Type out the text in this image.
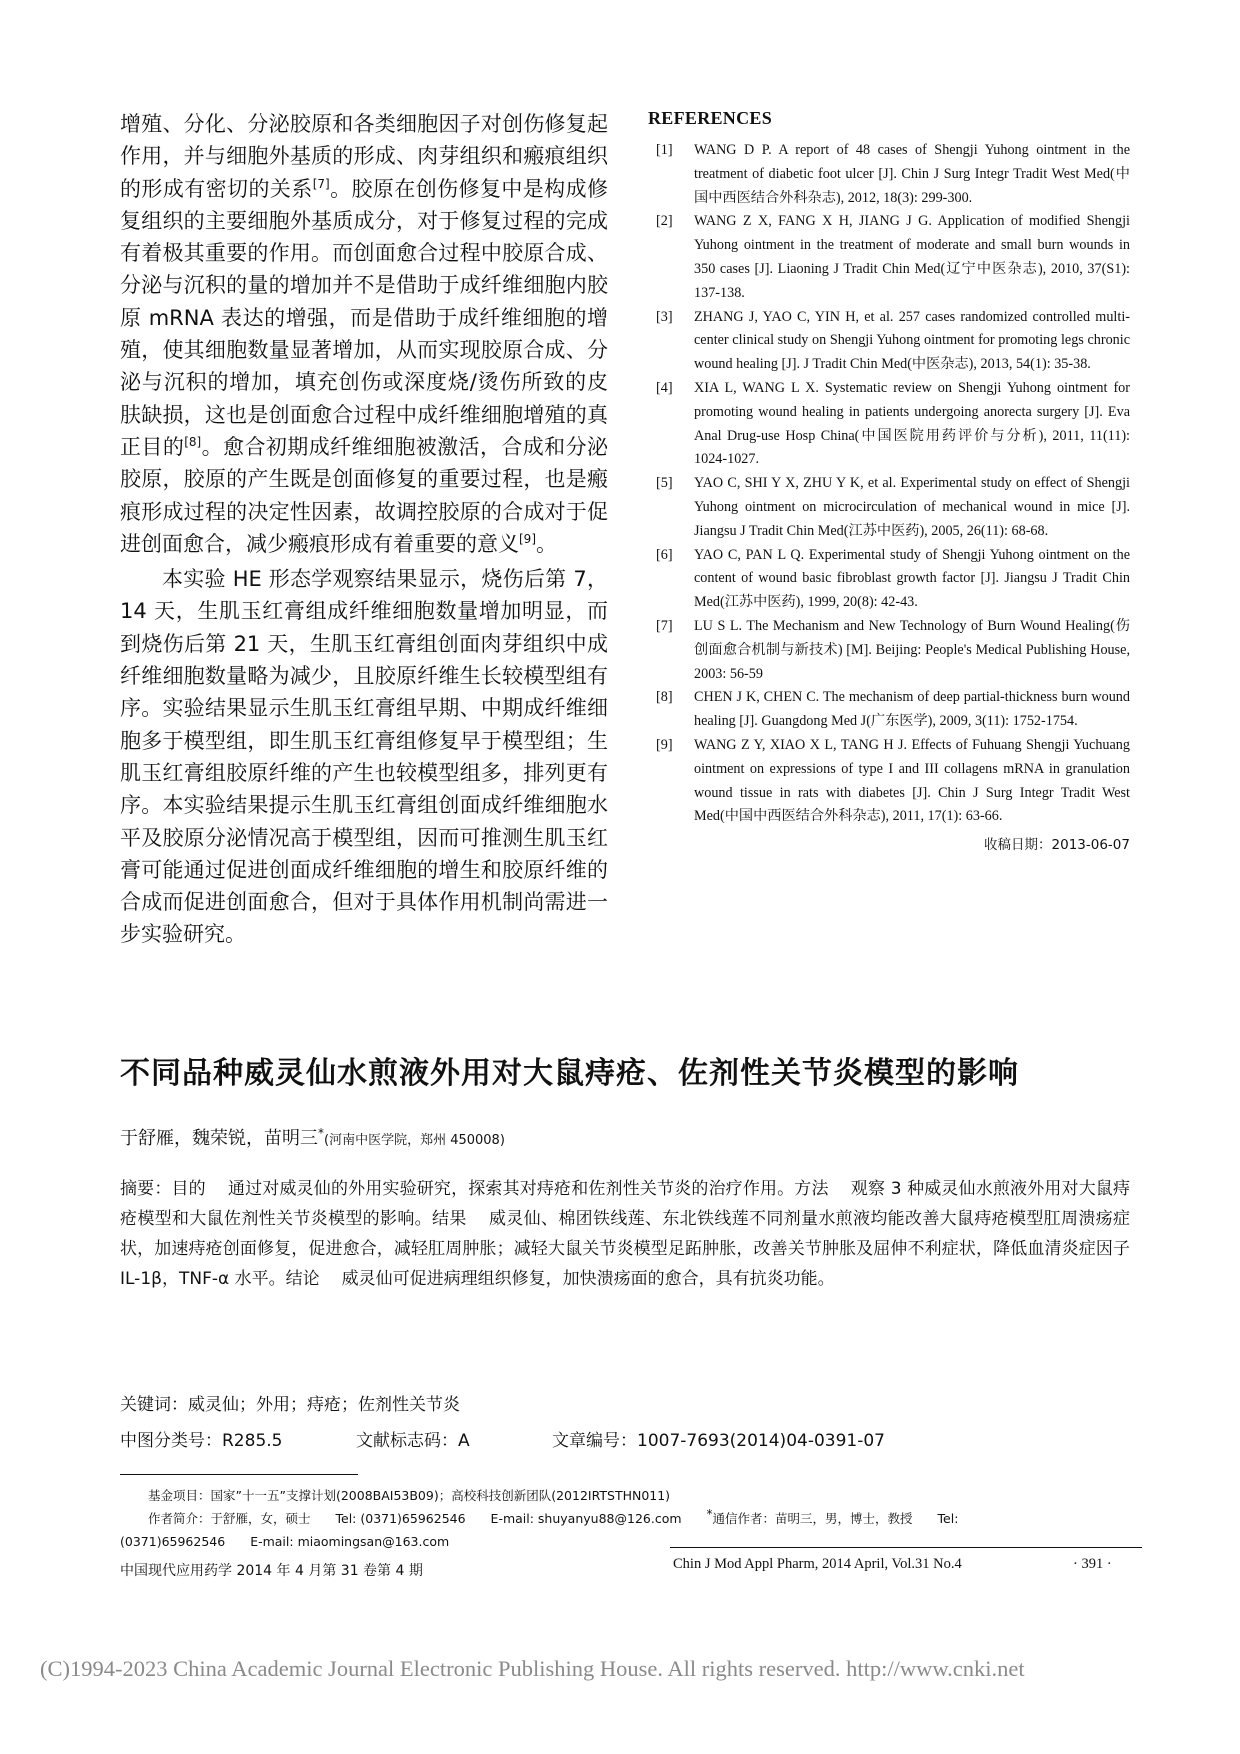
增殖、分化、分泌胶原和各类细胞因子对创伤修复起作用，并与细胞外基质的形成、肉芽组织和瘢痕组织的形成有密切的关系[7]。胶原在创伤修复中是构成修复组织的主要细胞外基质成分，对于修复过程的完成有着极其重要的作用。而创面愈合过程中胶原合成、分泌与沉积的量的增加并不是借助于成纤维细胞内胶原 mRNA 表达的增强，而是借助于成纤维细胞的增殖，使其细胞数量显著增加，从而实现胶原合成、分泌与沉积的增加，填充创伤或深度烧/烫伤所致的皮肤缺损，这也是创面愈合过程中成纤维细胞增殖的真正目的[8]。愈合初期成纤维细胞被激活，合成和分泌胶原，胶原的产生既是创面修复的重要过程，也是瘢痕形成过程的决定性因素，故调控胶原的合成对于促进创面愈合，减少瘢痕形成有着重要的意义[9]。

本实验 HE 形态学观察结果显示，烧伤后第 7，14 天，生肌玉红膏组成纤维细胞数量增加明显，而到烧伤后第 21 天，生肌玉红膏组创面肉芽组织中成纤维细胞数量略为减少，且胶原纤维生长较模型组有序。实验结果显示生肌玉红膏组早期、中期成纤维细胞多于模型组，即生肌玉红膏组修复早于模型组；生肌玉红膏组胶原纤维的产生也较模型组多，排列更有序。本实验结果提示生肌玉红膏组创面成纤维细胞水平及胶原分泌情况高于模型组，因而可推测生肌玉红膏可能通过促进创面成纤维细胞的增生和胶原纤维的合成而促进创面愈合，但对于具体作用机制尚需进一步实验研究。

REFERENCES
[1] WANG D P. A report of 48 cases of Shengji Yuhong ointment in the treatment of diabetic foot ulcer [J]. Chin J Surg Integr Tradit West Med(中国中西医结合外科杂志), 2012, 18(3): 299-300.
[2] WANG Z X, FANG X H, JIANG J G. Application of modified Shengji Yuhong ointment in the treatment of moderate and small burn wounds in 350 cases [J]. Liaoning J Tradit Chin Med(辽宁中医杂志), 2010, 37(S1): 137-138.
[3] ZHANG J, YAO C, YIN H, et al. 257 cases randomized controlled multi-center clinical study on Shengji Yuhong ointment for promoting legs chronic wound healing [J]. J Tradit Chin Med(中医杂志), 2013, 54(1): 35-38.
[4] XIA L, WANG L X. Systematic review on Shengji Yuhong ointment for promoting wound healing in patients undergoing anorecta surgery [J]. Eva Anal Drug-use Hosp China(中国医院用药评价与分析), 2011, 11(11): 1024-1027.
[5] YAO C, SHI Y X, ZHU Y K, et al. Experimental study on effect of Shengji Yuhong ointment on microcirculation of mechanical wound in mice [J]. Jiangsu J Tradit Chin Med(江苏中医药), 2005, 26(11): 68-68.
[6] YAO C, PAN L Q. Experimental study of Shengji Yuhong ointment on the content of wound basic fibroblast growth factor [J]. Jiangsu J Tradit Chin Med(江苏中医药), 1999, 20(8): 42-43.
[7] LU S L. The Mechanism and New Technology of Burn Wound Healing(伤创面愈合机制与新技术) [M]. Beijing: People's Medical Publishing House, 2003: 56-59
[8] CHEN J K, CHEN C. The mechanism of deep partial-thickness burn wound healing [J]. Guangdong Med J(广东医学), 2009, 3(11): 1752-1754.
[9] WANG Z Y, XIAO X L, TANG H J. Effects of Fuhuang Shengji Yuchuang ointment on expressions of type I and III collagens mRNA in granulation wound tissue in rats with diabetes [J]. Chin J Surg Integr Tradit West Med(中国中西医结合外科杂志), 2011, 17(1): 63-66.
收稿日期：2013-06-07
不同品种威灵仙水煎液外用对大鼠痔疮、佐剂性关节炎模型的影响
于舒雁，魏荣锐，苗明三*(河南中医学院，郑州 450008)

摘要：目的 通过对威灵仙的外用实验研究，探索其对痔疮和佐剂性关节炎的治疗作用。方法 观察 3 种威灵仙水煎液外用对大鼠痔疮模型和大鼠佐剂性关节炎模型的影响。结果 威灵仙、棉团铁线莲、东北铁线莲不同剂量水煎液均能改善大鼠痔疮模型肛周溃疡症状，加速痔疮创面修复，促进愈合，减轻肛周肿胀；减轻大鼠关节炎模型足跖肿胀，改善关节肿胀及屈伸不利症状，降低血清炎症因子 IL-1β，TNF-α 水平。结论 威灵仙可促进病理组织修复，加快溃疡面的愈合，具有抗炎功能。

关键词：威灵仙；外用；痔疮；佐剂性关节炎
中图分类号：R285.5	文献标志码：A	文章编号：1007-7693(2014)04-0391-07

基金项目：国家”十一五”支撑计划(2008BAI53B09)；高校科技创新团队(2012IRTSTHN011)

作者简介：于舒雁，女，硕士　　Tel: (0371)65962546　　E-mail: shuyanyu88@126.com　　*通信作者：苗明三，男，博士，教授　　Tel:

(0371)65962546　　E-mail: miaomingsan@163.com

中国现代应用药学 2014 年 4 月第 31 卷第 4 期	Chin J Mod Appl Pharm, 2014 April, Vol.31 No.4	· 391 ·
(C)1994-2023 China Academic Journal Electronic Publishing House. All rights reserved. http://www.cnki.net
